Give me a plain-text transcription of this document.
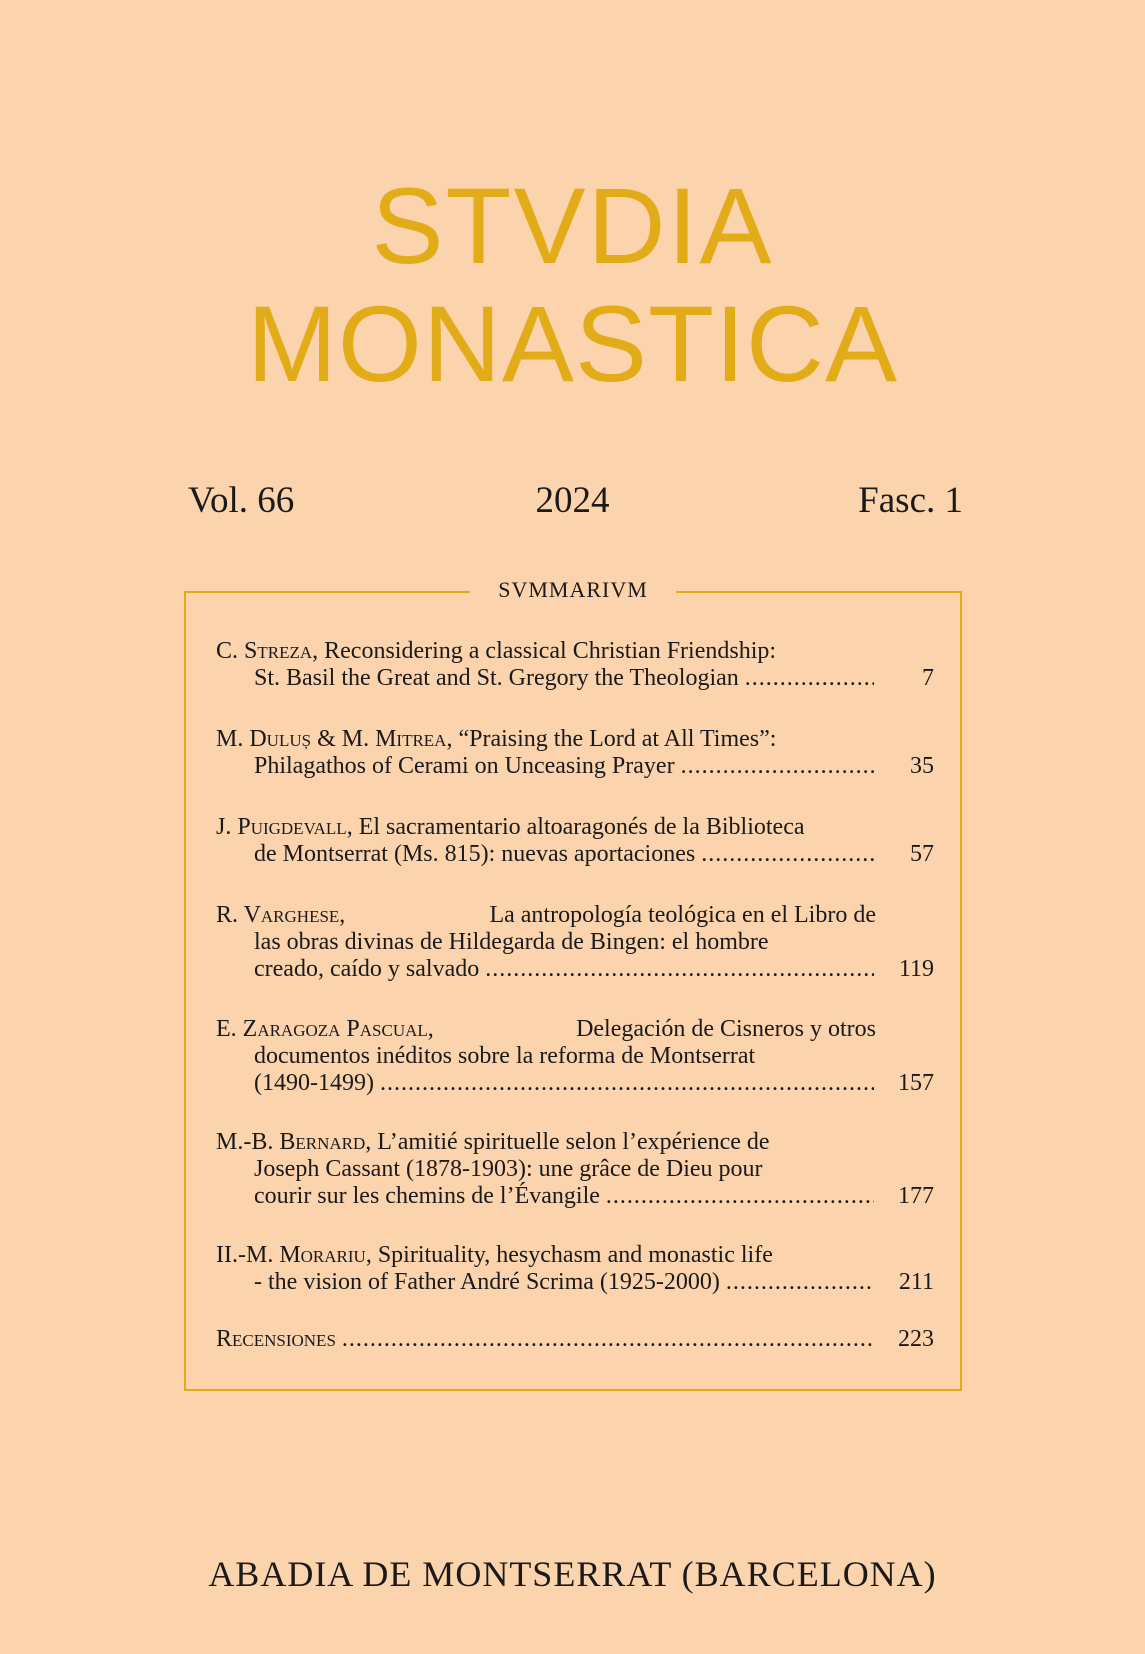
STVDIA
MONASTICA
Vol. 66	2024	Fasc. 1
SVMMARIVM
C. Streza, Reconsidering a classical Christian Friendship:
St. Basil the Great and St. Gregory the Theologian .....	7
M. Duluș & M. Mitrea, “Praising the Lord at All Times”:
Philagathos of Cerami on Unceasing Prayer .....	35
J. Puigdevall, El sacramentario altoaragonés de la Biblioteca
de Montserrat (Ms. 815): nuevas aportaciones .....	57
R. Varghese,	La antropología teológica en el Libro de
las obras divinas de Hildegarda de Bingen: el hombre
creado, caído y salvado .....	119
E. Zaragoza Pascual,	Delegación de Cisneros y otros
documentos inéditos sobre la reforma de Montserrat
(1490-1499) .....	157
M.-B. Bernard, L’amitié spirituelle selon l’expérience de
Joseph Cassant (1878-1903): une grâce de Dieu pour
courir sur les chemins de l’Évangile .....	177
II.-M. Morariu, Spirituality, hesychasm and monastic life
- the vision of Father André Scrima (1925-2000) .....	211
Recensiones .....	223
ABADIA DE MONTSERRAT (BARCELONA)
